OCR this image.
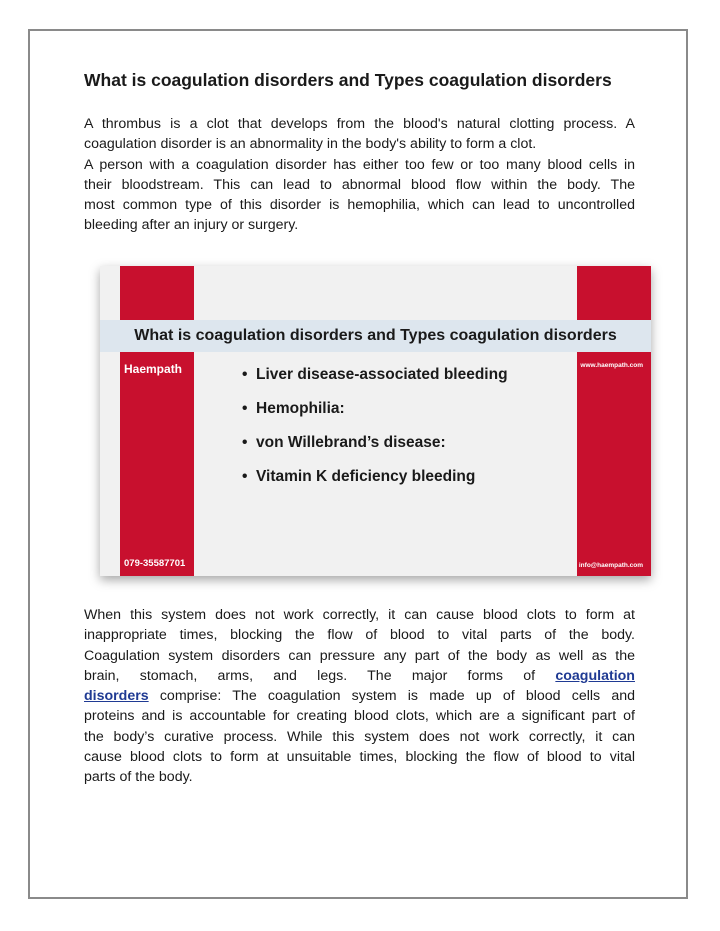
What is coagulation disorders and Types coagulation disorders
A thrombus is a clot that develops from the blood's natural clotting process. A
coagulation disorder is an abnormality in the body's ability to form a clot.
A person with a coagulation disorder has either too few or too many blood cells in
their bloodstream. This can lead to abnormal blood flow within the body. The
most common type of this disorder is hemophilia, which can lead to uncontrolled
bleeding after an injury or surgery.
What is coagulation disorders and Types coagulation disorders
Haempath
079-35587701
www.haempath.com
info@haempath.com
• Liver disease-associated bleeding
• Hemophilia:
• von Willebrand’s disease:
• Vitamin K deficiency bleeding
When this system does not work correctly, it can cause blood clots to form at
inappropriate times, blocking the flow of blood to vital parts of the body.
Coagulation system disorders can pressure any part of the body as well as the
brain, stomach, arms, and legs. The major forms of coagulation
disorders comprise: The coagulation system is made up of blood cells and
proteins and is accountable for creating blood clots, which are a significant part of
the body’s curative process. While this system does not work correctly, it can
cause blood clots to form at unsuitable times, blocking the flow of blood to vital
parts of the body.
